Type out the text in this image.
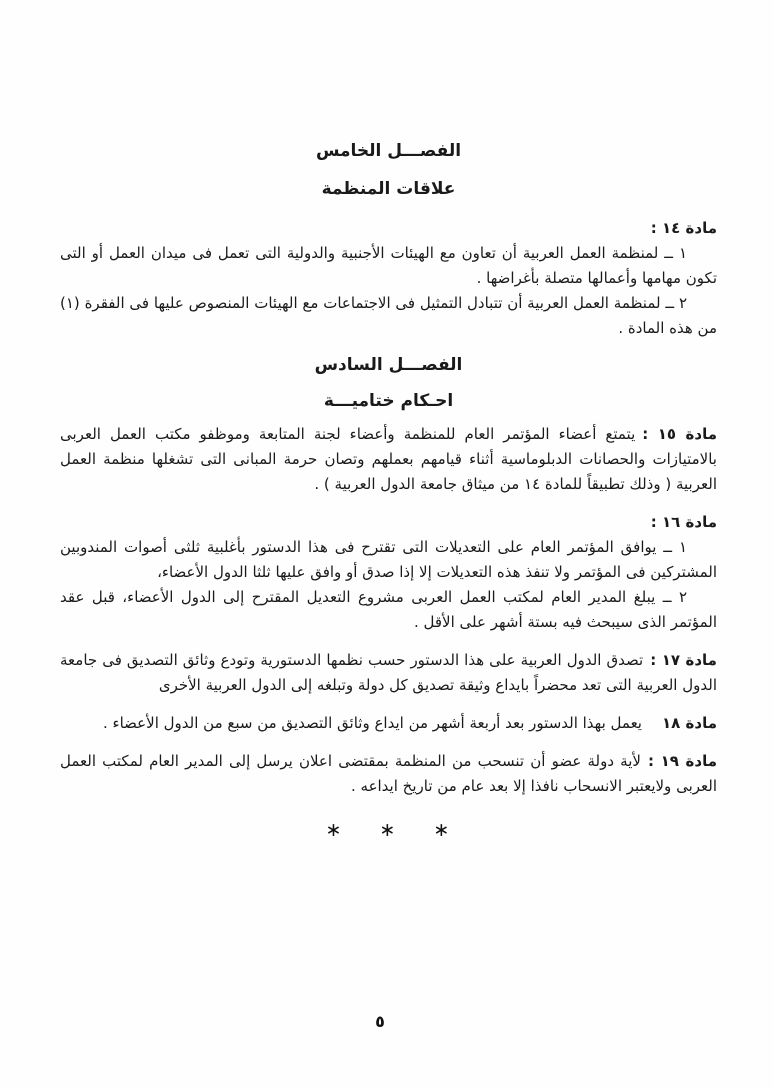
الفصـــل الخامس
علاقات المنظمة

مادة ١٤ :

١ ــ لمنظمة العمل العربية أن تعاون مع الهيئات الأجنبية والدولية التى تعمل فى ميدان العمل أو التى تكون مهامها وأعمالها متصلة بأغراضها .

٢ ــ لمنظمة العمل العربية أن تتبادل التمثيل فى الاجتماعات مع الهيئات المنصوص عليها فى الفقرة (١) من هذه المادة .

الفصـــل السادس
احـكام ختاميـــة

مادة ١٥ :يتمتع أعضاء المؤتمر العام للمنظمة وأعضاء لجنة المتابعة وموظفو مكتب العمل العربى بالامتيازات والحصانات الدبلوماسية أثناء قيامهم بعملهم وتصان حرمة المبانى التى تشغلها منظمة العمل العربية ( وذلك تطبيقاً للمادة ١٤ من ميثاق جامعة الدول العربية ) .

مادة ١٦ :

١ ــ يوافق المؤتمر العام على التعديلات التى تقترح فى هذا الدستور بأغلبية ثلثى أصوات المندوبين المشتركين فى المؤتمر ولا تنفذ هذه التعديلات إلا إذا صدق أو وافق عليها ثلثا الدول الأعضاء،

٢ ــ يبلغ المدير العام لمكتب العمل العربى مشروع التعديل المقترح إلى الدول الأعضاء، قبل عقد المؤتمر الذى سيبحث فيه بستة أشهر على الأقل .

مادة ١٧ :تصدق الدول العربية على هذا الدستور حسب نظمها الدستورية وتودع وثائق التصديق فى جامعة الدول العربية التى تعد محضراً بايداع وثيقة تصديق كل دولة وتبلغه إلى الدول العربية الأخرى

مادة ١٨يعمل بهذا الدستور بعد أربعة أشهر من ايداع وثائق التصديق من سبع من الدول الأعضاء .

مادة ١٩ :لأية دولة عضو أن تنسحب من المنظمة بمقتضى اعلان يرسل إلى المدير العام لمكتب العمل العربى ولايعتبر الانسحاب نافذا إلا بعد عام من تاريخ ايداعه .

∗ ∗ ∗
٥
